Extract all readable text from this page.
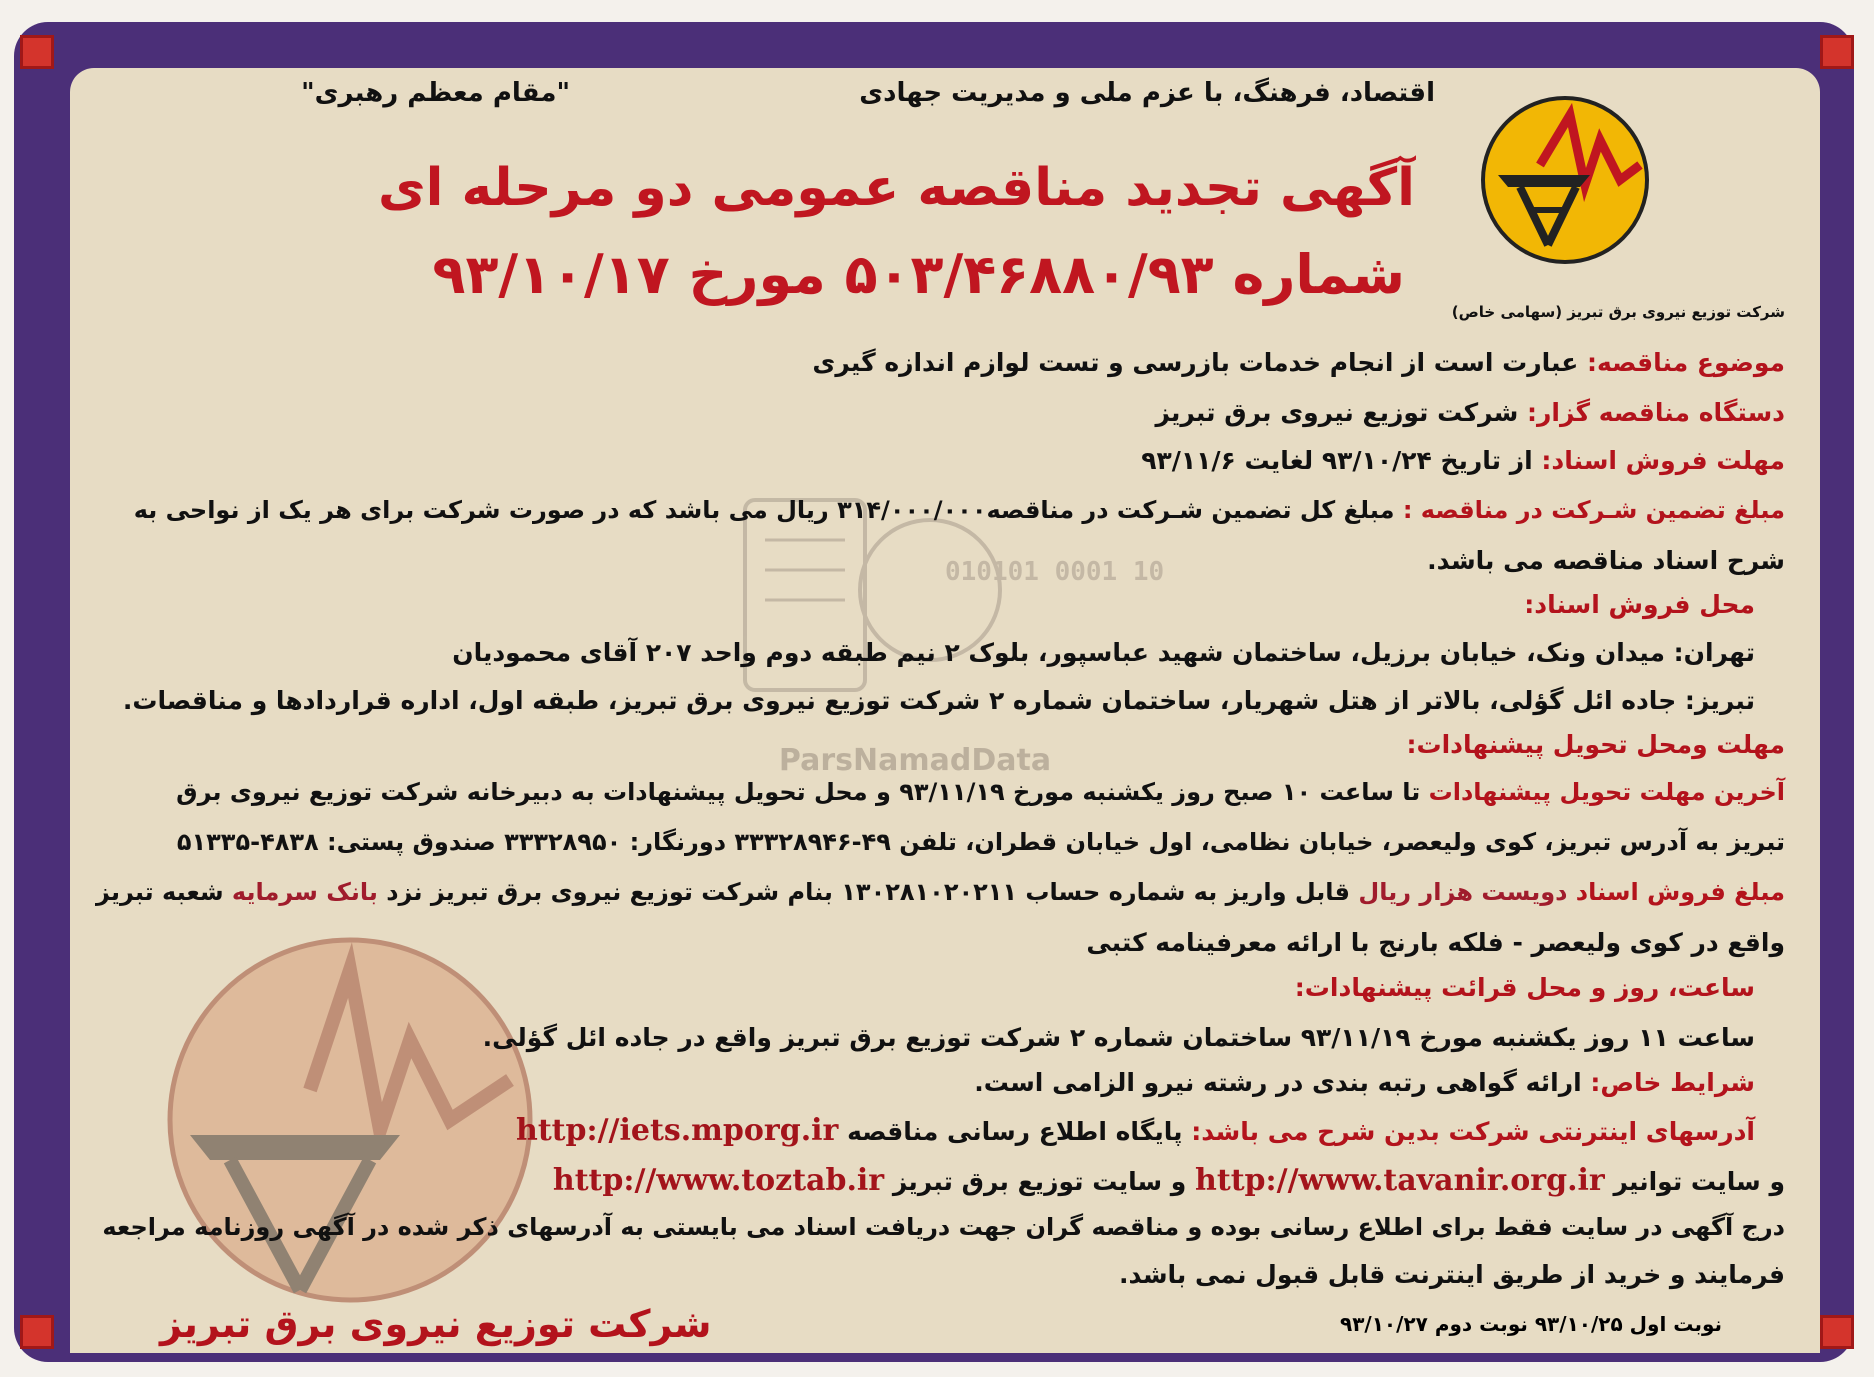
010101 0001 10
ParsNamadData
اقتصاد، فرهنگ، با عزم ملی و مدیریت جهادی
"مقام معظم رهبری"
آگهی تجدید مناقصه عمومی دو مرحله ای
شماره ۵۰۳/۴۶۸۸۰/۹۳ مورخ ۹۳/۱۰/۱۷
شرکت توزیع نیروی برق تبریز (سهامی خاص)
موضوع مناقصه: عبارت است از انجام خدمات بازرسی و تست لوازم اندازه گیری
دستگاه مناقصه گزار: شرکت توزیع نیروی برق تبریز
مهلت فروش اسناد: از تاریخ ۹۳/۱۰/۲۴ لغایت ۹۳/۱۱/۶
مبلغ تضمین شـرکت در مناقصه : مبلغ کل تضمین شـرکت در مناقصه۳۱۴/۰۰۰/۰۰۰ ریال می باشد که در صورت شرکت برای هر یک از نواحی به
شرح اسناد مناقصه می باشد.
محل فروش اسناد:
تهران: میدان ونک، خیابان برزیل، ساختمان شهید عباسپور، بلوک ۲ نیم طبقه دوم واحد ۲۰۷ آقای محمودیان
تبریز: جاده ائل گؤلی، بالاتر از هتل شهریار، ساختمان شماره ۲ شرکت توزیع نیروی برق تبریز، طبقه اول، اداره قراردادها و مناقصات.
مهلت ومحل تحویل پیشنهادات:
آخرین مهلت تحویل پیشنهادات تا ساعت ۱۰ صبح روز یکشنبه مورخ ۹۳/۱۱/۱۹ و محل تحویل پیشنهادات به دبیرخانه شرکت توزیع نیروی برق
تبریز به آدرس تبریز، کوی ولیعصر، خیابان نظامی، اول خیابان قطران، تلفن ۴۹-۳۳۳۲۸۹۴۶ دورنگار: ۳۳۳۲۸۹۵۰ صندوق پستی: ۴۸۳۸-۵۱۳۳۵
مبلغ فروش اسناد دویست هزار ریال قابل واریز به شماره حساب ۱۳۰۲۸۱۰۲۰۲۱۱ بنام شرکت توزیع نیروی برق تبریز نزد بانک سرمایه شعبه تبریز
واقع در کوی ولیعصر - فلکه بارنج با ارائه معرفینامه کتبی
ساعت، روز و محل قرائت پیشنهادات:
ساعت ۱۱ روز یکشنبه مورخ ۹۳/۱۱/۱۹ ساختمان شماره ۲ شرکت توزیع برق تبریز واقع در جاده ائل گؤلی.
شرایط خاص: ارائه گواهی رتبه بندی در رشته نیرو الزامی است.
آدرسهای اینترنتی شرکت بدین شرح می باشد: پایگاه اطلاع رسانی مناقصه http://iets.mporg.ir
و سایت توانیر http://www.tavanir.org.ir و سایت توزیع برق تبریز http://www.toztab.ir
درج آگهی در سایت فقط برای اطلاع رسانی بوده و مناقصه گران جهت دریافت اسناد می بایستی به آدرسهای ذکر شده در آگهی روزنامه مراجعه
فرمایند و خرید از طریق اینترنت قابل قبول نمی باشد.
شرکت توزیع نیروی برق تبریز	نوبت اول ۹۳/۱۰/۲۵ نوبت دوم ۹۳/۱۰/۲۷
